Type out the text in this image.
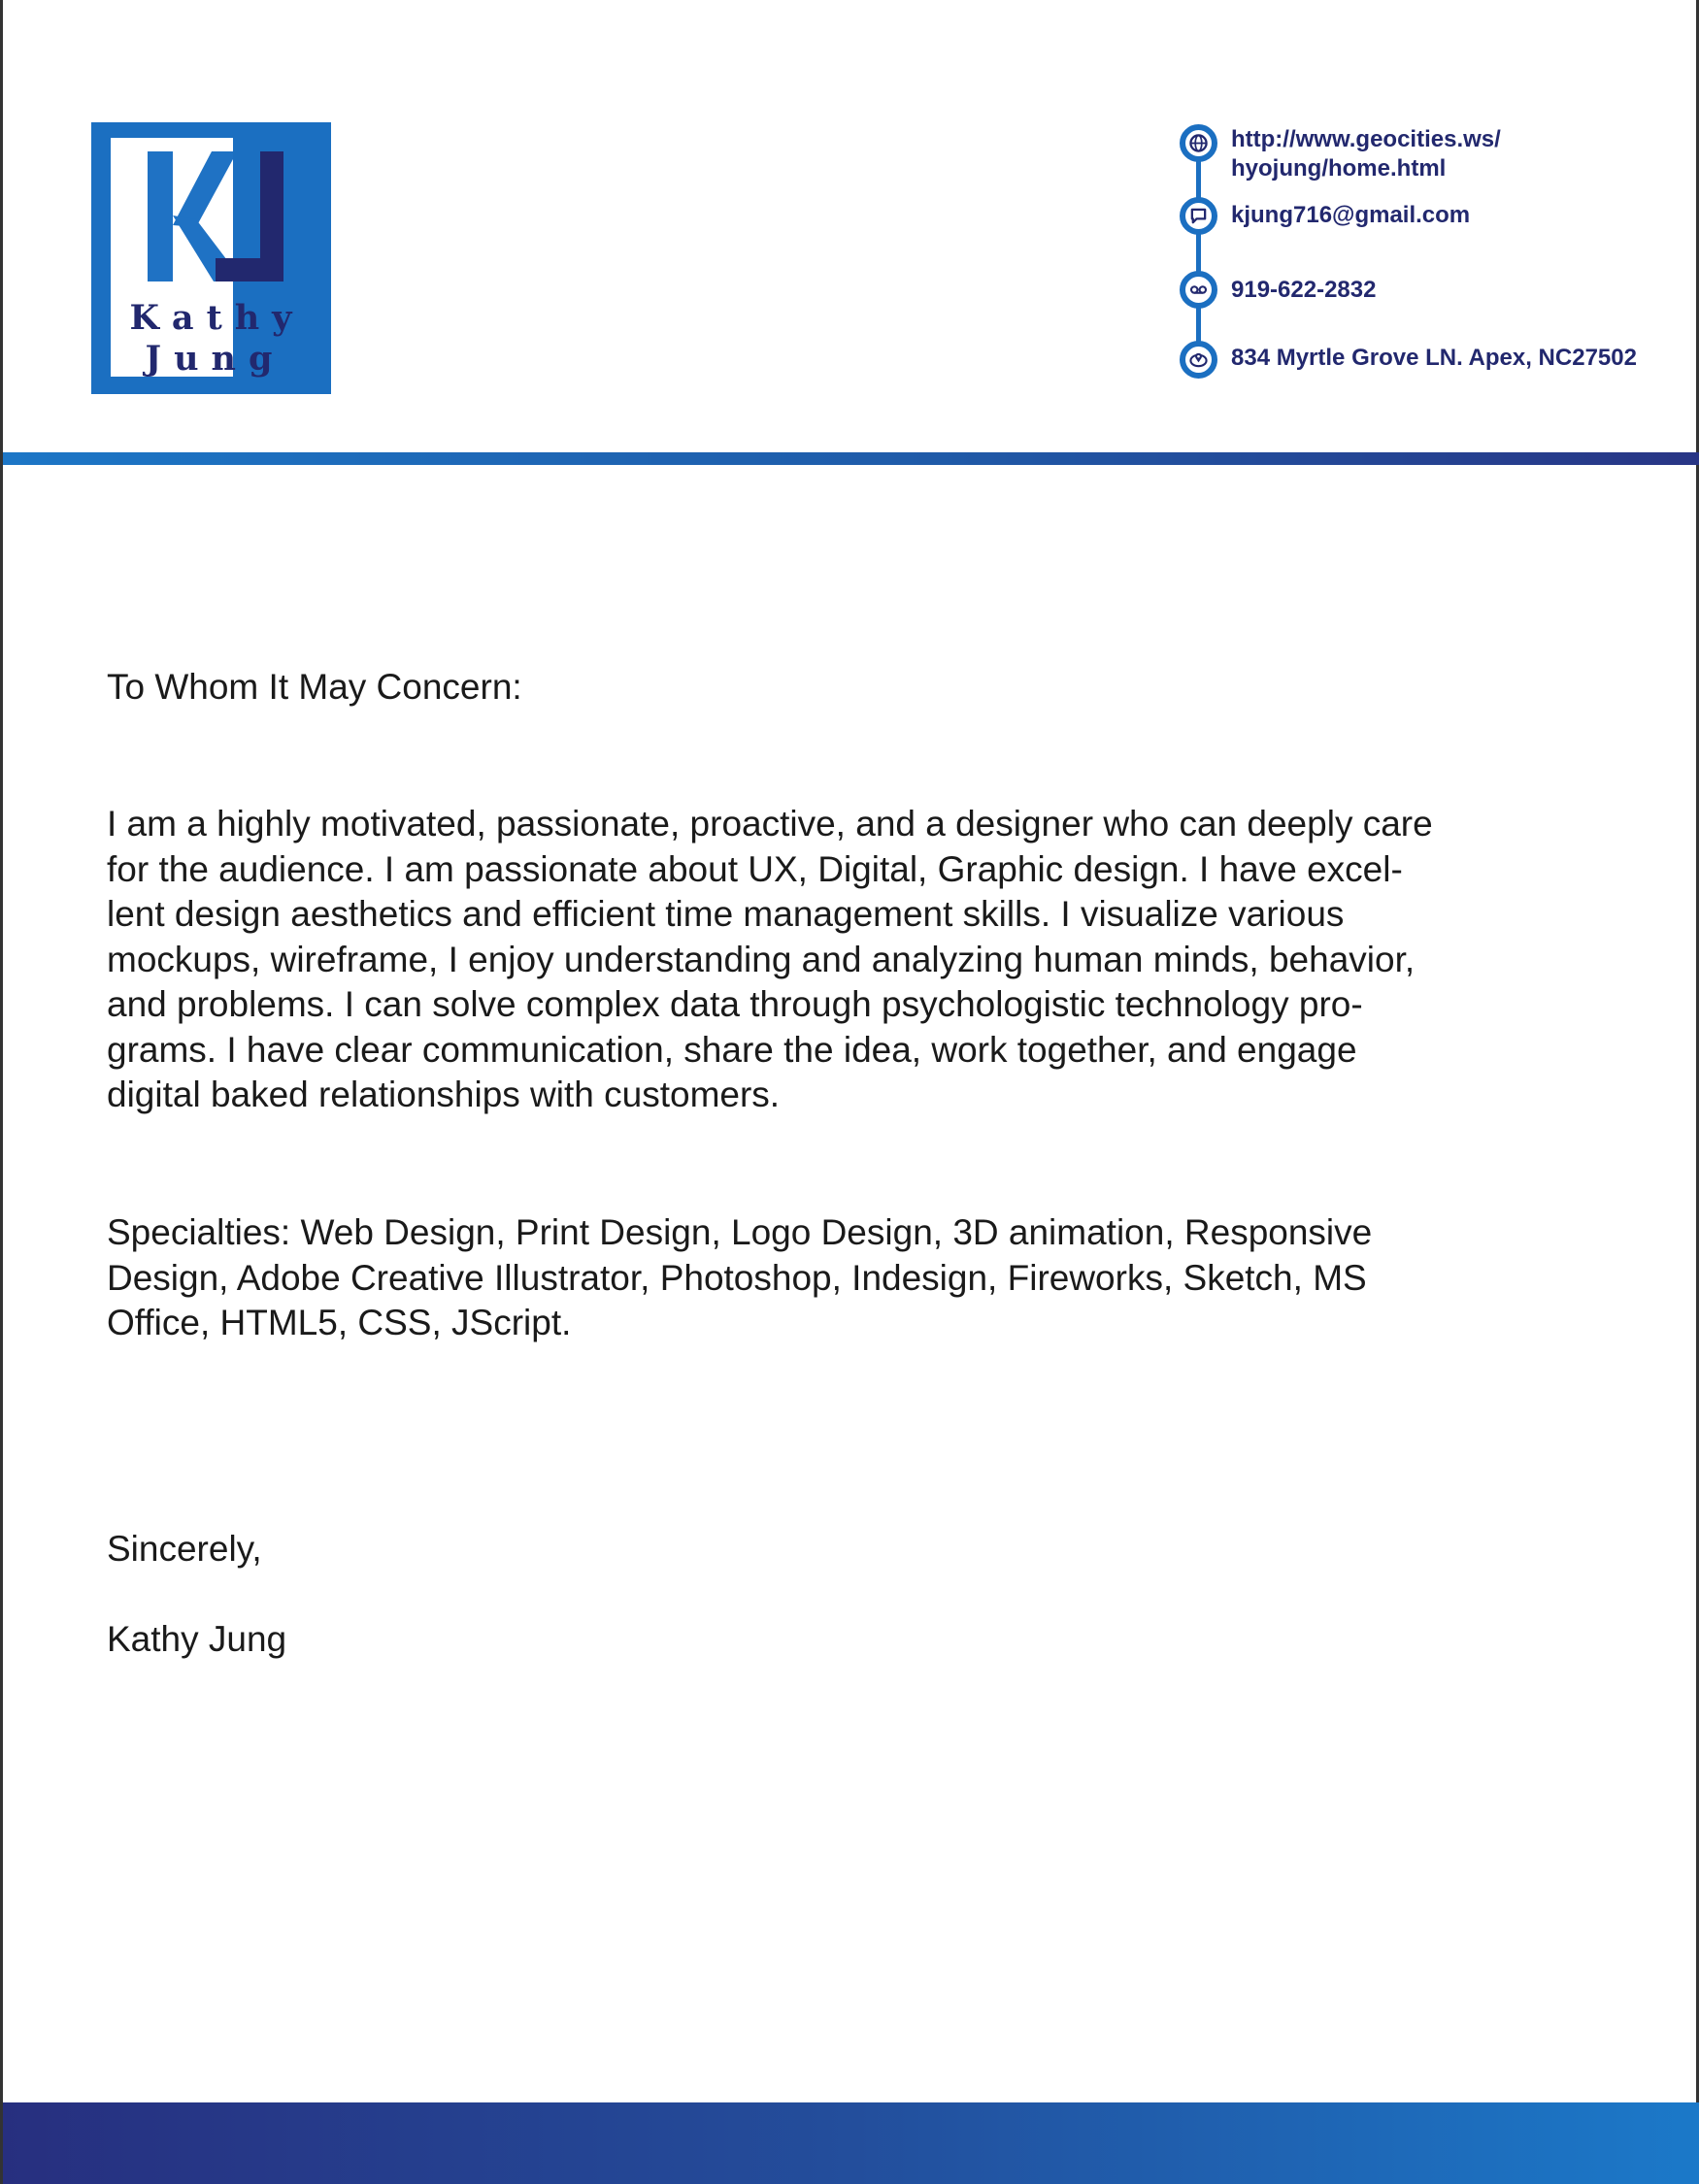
Kathy
Jung
http://www.geocities.ws/
hyojung/home.html
kjung716@gmail.com
919-622-2832
834 Myrtle Grove LN. Apex, NC27502

To Whom It May Concern:

I am a highly motivated, passionate, proactive, and a designer who can deeply care
for the audience. I am passionate about UX, Digital, Graphic design. I have excel-
lent design aesthetics and efficient time management skills. I visualize various
mockups, wireframe, I enjoy understanding and analyzing human minds, behavior,
and problems. I can solve complex data through psychologistic technology pro-
grams. I have clear communication, share the idea, work together, and engage
digital baked relationships with customers.

Specialties: Web Design, Print Design, Logo Design, 3D animation, Responsive
Design, Adobe Creative Illustrator, Photoshop, Indesign, Fireworks, Sketch, MS
Office, HTML5, CSS, JScript.

Sincerely,

Kathy Jung
